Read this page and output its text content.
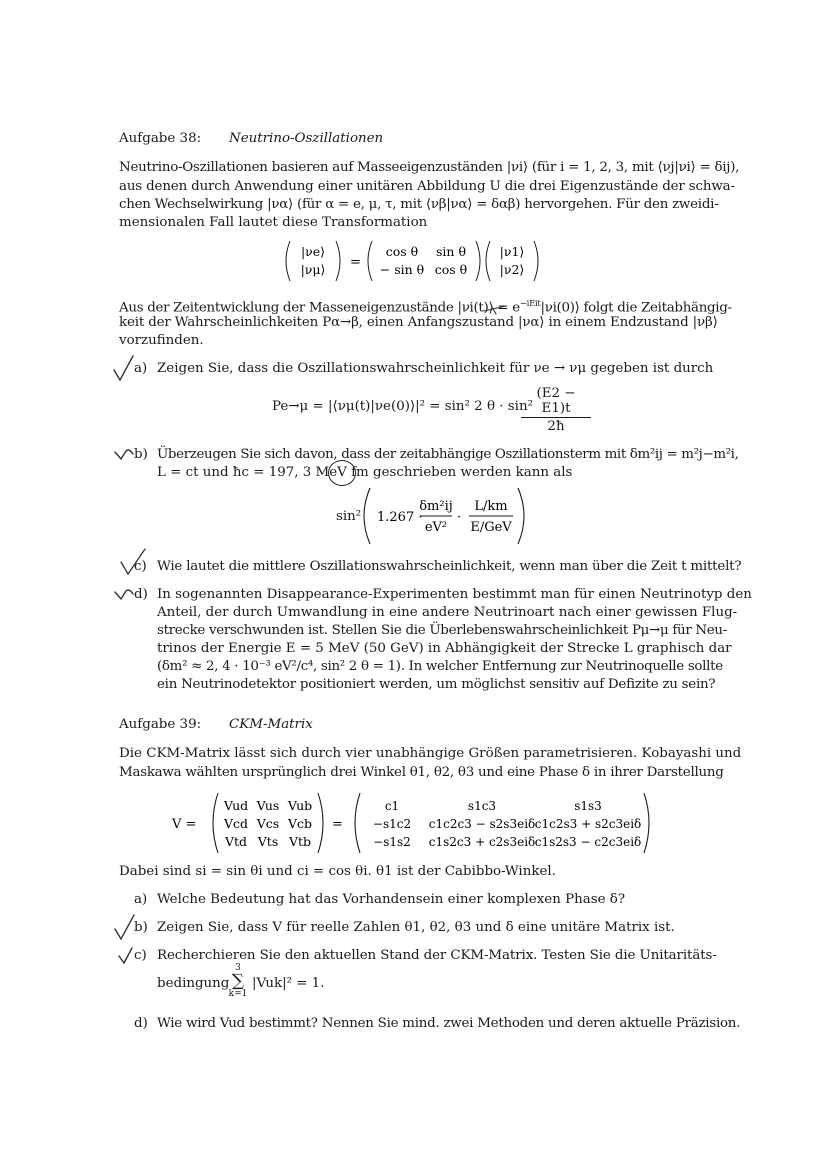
Aufgabe 38: Neutrino-Oszillationen
Neutrino-Oszillationen basieren auf Masseeigenzuständen |νi⟩ (für i = 1, 2, 3, mit ⟨νj|νi⟩ = δij),
aus denen durch Anwendung einer unitären Abbildung U die drei Eigenzustände der schwa-
chen Wechselwirkung |να⟩ (für α = e, μ, τ, mit ⟨νβ|να⟩ = δαβ) hervorgehen. Für den zweidi-
mensionalen Fall lautet diese Transformation
|νe⟩
|νμ⟩ =
cos θ sin θ
− sin θ cos θ
|ν1⟩
|ν2⟩
Aus der Zeitentwicklung der Masseneigenzustände |νi(t)⟩ = $e^{-iEit}|\nu i(0)⟩$ folgt die Zeitabhängig-
keit der Wahrscheinlichkeiten Pα→β, einen Anfangszustand |να⟩ in einem Endzustand |νβ⟩
vorzufinden.
a) Zeigen Sie, dass die Oszillationswahrscheinlichkeit für νe → νμ gegeben ist durch
Pe→μ = |⟨νμ(t)|νe(0)⟩|² = sin² 2 θ · sin²
$\frac{(E2 - E1)t}{2ħ}$
b) Überzeugen Sie sich davon, dass der zeitabhängige Oszillationsterm mit δm²ij = m²j−m²i,
L = ct und ħc = 197, 3 MeV fm geschrieben werden kann als
sin² 1.267 ·
δm²ij
eV²
·
L/km
E/GeV
c) Wie lautet die mittlere Oszillationswahrscheinlichkeit, wenn man über die Zeit t mittelt?
d) In sogenannten Disappearance-Experimenten bestimmt man für einen Neutrinotyp den
Anteil, der durch Umwandlung in eine andere Neutrinoart nach einer gewissen Flug-
strecke verschwunden ist. Stellen Sie die Überlebenswahrscheinlichkeit Pμ→μ für Neu-
trinos der Energie E = 5 MeV (50 GeV) in Abhängigkeit der Strecke L graphisch dar
(δm² ≈ 2, 4 · 10⁻³ eV²/c⁴, sin² 2 θ = 1). In welcher Entfernung zur Neutrinoquelle sollte
ein Neutrinodetektor positioniert werden, um möglichst sensitiv auf Defizite zu sein?
Aufgabe 39: CKM-Matrix
Die CKM-Matrix lässt sich durch vier unabhängige Größen parametrisieren. Kobayashi und
Maskawa wählten ursprünglich drei Winkel θ1, θ2, θ3 und eine Phase δ in ihrer Darstellung
V =
Vud Vus Vub
Vcd Vcs Vcb
Vtd Vts Vtb
=
c1	s1c3	s1s3
−s1c2 c1c2c3 − s2s3eiδ c1c2s3 + s2c3eiδ
−s1s2 c1s2c3 + c2s3eiδ c1s2s3 − c2c3eiδ
Dabei sind si = sin θi und ci = cos θi. θ1 ist der Cabibbo-Winkel.
a) Welche Bedeutung hat das Vorhandensein einer komplexen Phase δ?
b) Zeigen Sie, dass V für reelle Zahlen θ1, θ2, θ3 und δ eine unitäre Matrix ist.
c) Recherchieren Sie den aktuellen Stand der CKM-Matrix. Testen Sie die Unitaritäts-
bedingung
3
∑
k=1
|Vuk|² = 1.
d) Wie wird Vud bestimmt? Nennen Sie mind. zwei Methoden und deren aktuelle Präzision.
